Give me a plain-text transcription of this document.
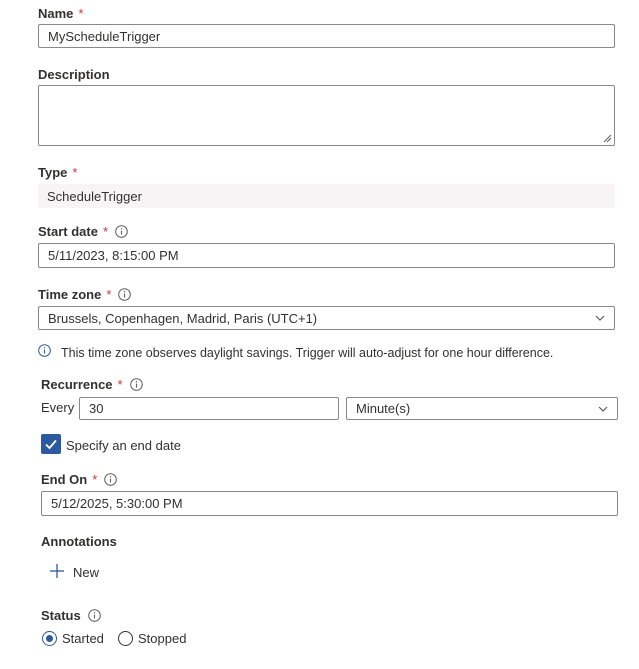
Name *
MyScheduleTrigger
Description
Type *
ScheduleTrigger
Start date *
5/11/2023, 8:15:00 PM
Time zone *
Brussels, Copenhagen, Madrid, Paris (UTC+1)
This time zone observes daylight savings. Trigger will auto-adjust for one hour difference.
Recurrence *
Every 30	Minute(s)
Specify an end date
End On *
5/12/2025, 5:30:00 PM
Annotations
New
Status
Started	Stopped
